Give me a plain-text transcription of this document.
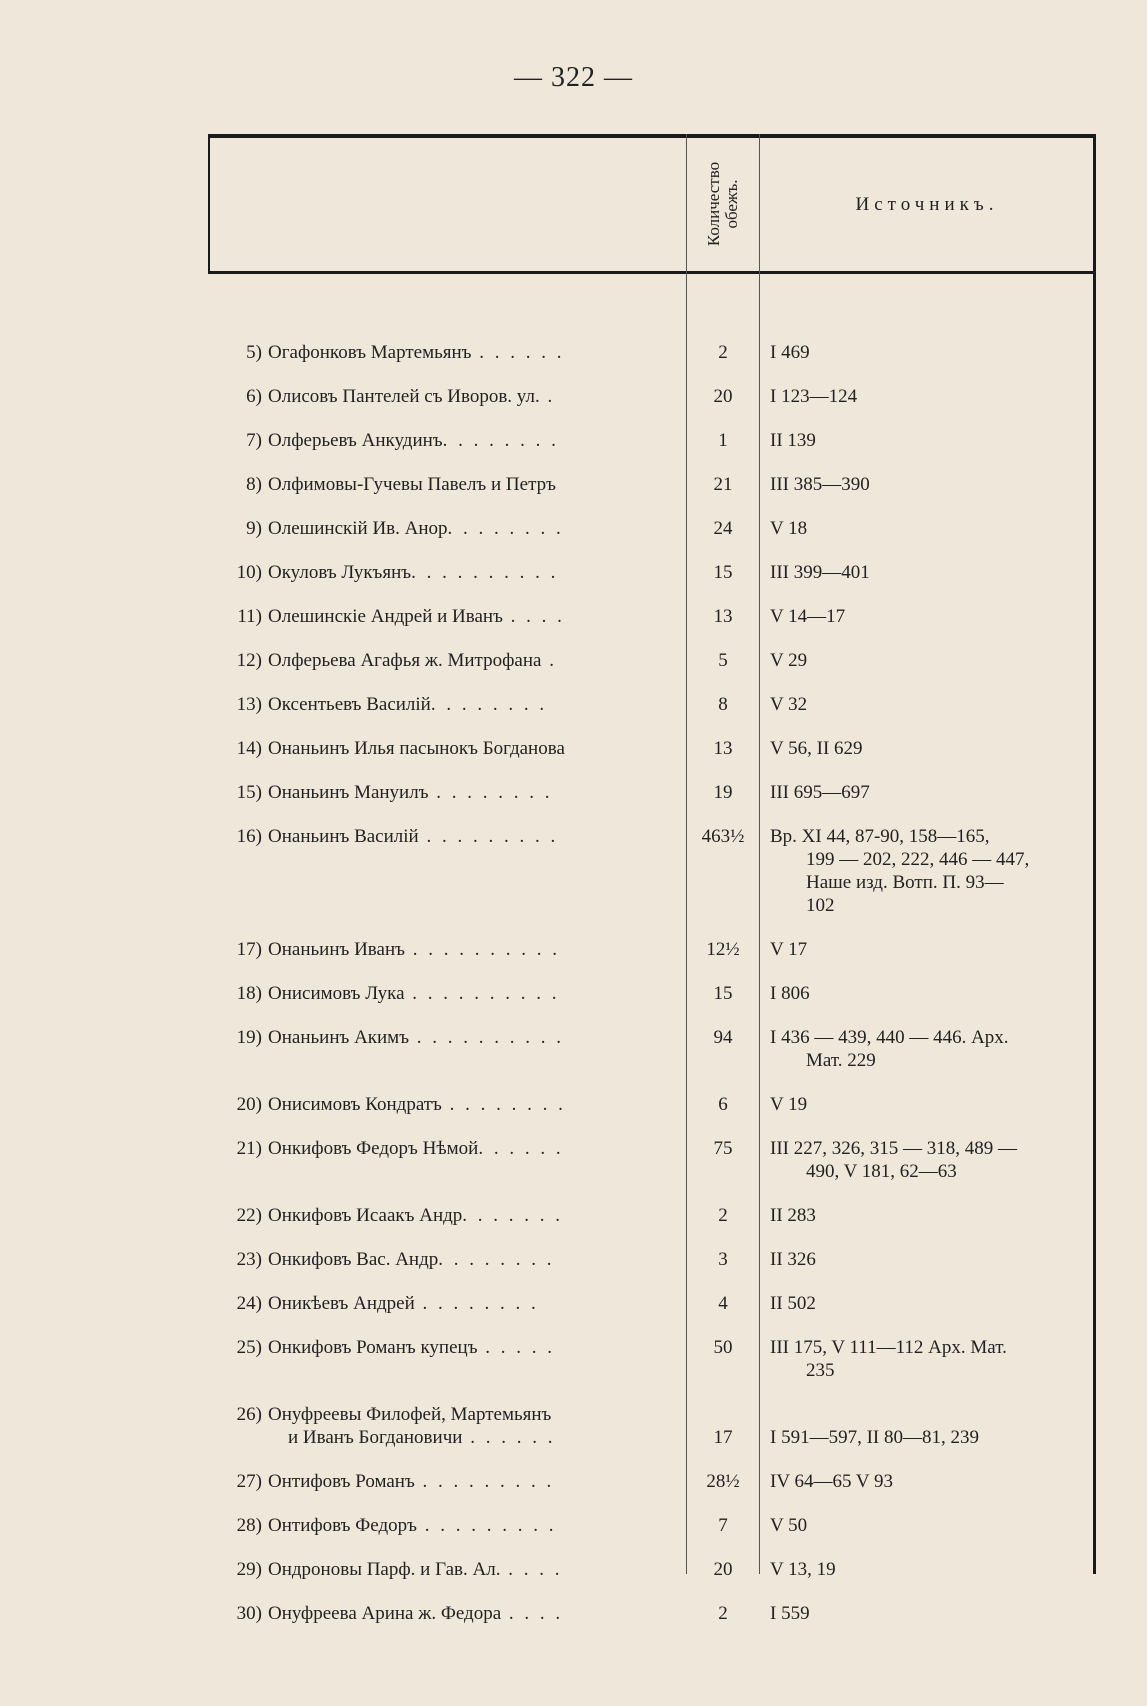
— 322 —
Количество обежъ.	Источникъ.
5) Огафонковъ Мартемьянъ . . . . . .	2	I 469
6) Олисовъ Пантелей съ Иворов. ул. .	20	I 123—124
7) Олферьевъ Анкудинъ. . . . . . . .	1	II 139
8) Олфимовы-Гучевы Павелъ и Петръ	21	III 385—390
9) Олешинскій Ив. Анор. . . . . . . .	24	V 18
10) Окуловъ Лукъянъ. . . . . . . . . .	15	III 399—401
11) Олешинскіе Андрей и Иванъ . . . .	13	V 14—17
12) Олферьева Агафья ж. Митрофана .	5	V 29
13) Оксентьевъ Василій. . . . . . . .	8	V 32
14) Онаньинъ Илья пасынокъ Богданова	13	V 56, II 629
15) Онаньинъ Мануилъ . . . . . . . .	19	III 695—697
16) Онаньинъ Василій . . . . . . . . .	463½	Вр. XI 44, 87-90, 158—165,
199 — 202, 222, 446 — 447,
Наше изд. Вотп. П. 93—
102
17) Онаньинъ Иванъ . . . . . . . . . .	12½	V 17
18) Онисимовъ Лука . . . . . . . . . .	15	I 806
19) Онаньинъ Акимъ . . . . . . . . . .	94	I 436 — 439, 440 — 446. Арх.
Мат. 229
20) Онисимовъ Кондратъ . . . . . . . .	6	V 19
21) Онкифовъ Федоръ Нѣмой. . . . . .	75	III 227, 326, 315 — 318, 489 —
490, V 181, 62—63
22) Онкифовъ Исаакъ Андр. . . . . . .	2	II 283
23) Онкифовъ Вас. Андр. . . . . . . .	3	II 326
24) Оникѣевъ Андрей . . . . . . . .	4	II 502
25) Онкифовъ Романъ купецъ . . . . .	50	III 175, V 111—112 Арх. Мат.
235
26) Онуфреевы Филофей, Мартемьянъ
и Иванъ Богдановичи . . . . . .	17	I 591—597, II 80—81, 239
27) Онтифовъ Романъ . . . . . . . . .	28½	IV 64—65 V 93
28) Онтифовъ Федоръ . . . . . . . . .	7	V 50
29) Ондроновы Парф. и Гав. Ал. . . . .	20	V 13, 19
30) Онуфреева Арина ж. Федора . . . .	2	I 559
